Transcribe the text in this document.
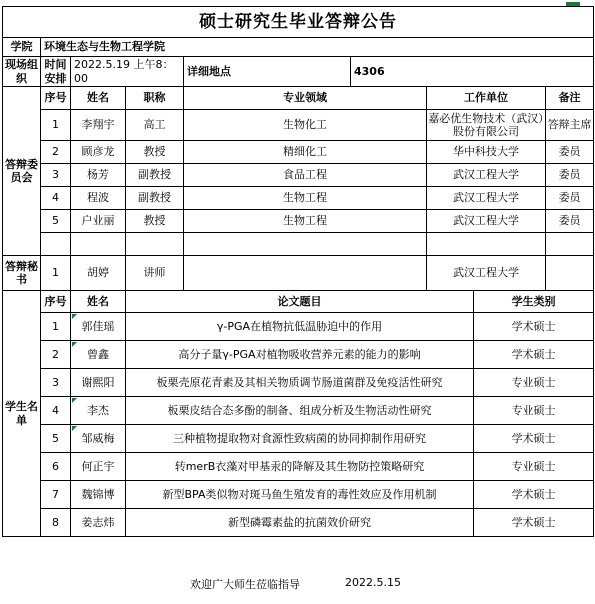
硕士研究生毕业答辩公告								
学院	环境生态与生物工程学院							
现场组织	时间安排	2022.5.19 上午8：00		详细地点	4306			
答辩委员会	序号	姓名	职称	专业领域		工作单位		备注
	1	李翔宇	高工	生物化工		嘉必优生物技术（武汉）股份有限公司		答辩主席
	2	顾彦龙	教授	精细化工		华中科技大学		委员
	3	杨芳	副教授	食品工程		武汉工程大学		委员
	4	程波	副教授	生物工程		武汉工程大学		委员
	5	户业丽	教授	生物工程		武汉工程大学		委员

答辩秘书	1	胡婷	讲师			武汉工程大学		
学生名单	序号	姓名	论文题目				学生类别	
	1	郭佳瑶	γ-PGA在植物抗低温胁迫中的作用				学术硕士	
	2	曾鑫	高分子量γ-PGA对植物吸收营养元素的能力的影响				学术硕士	
	3	谢熙阳	板栗壳原花青素及其相关物质调节肠道菌群及免疫活性研究				专业硕士	
	4	李杰	板栗皮结合态多酚的制备、组成分析及生物活动性研究				专业硕士	
	5	邹威梅	三种植物提取物对食源性致病菌的协同抑制作用研究				学术硕士	
	6	何正宇	转merB衣藻对甲基汞的降解及其生物防控策略研究				专业硕士	
	7	魏锦博	新型BPA类似物对斑马鱼生殖发育的毒性效应及作用机制				学术硕士	
	8	姜志炜	新型磷霉素盐的抗菌效价研究				学术硕士	
欢迎广大师生莅临指导	2022.5.15
